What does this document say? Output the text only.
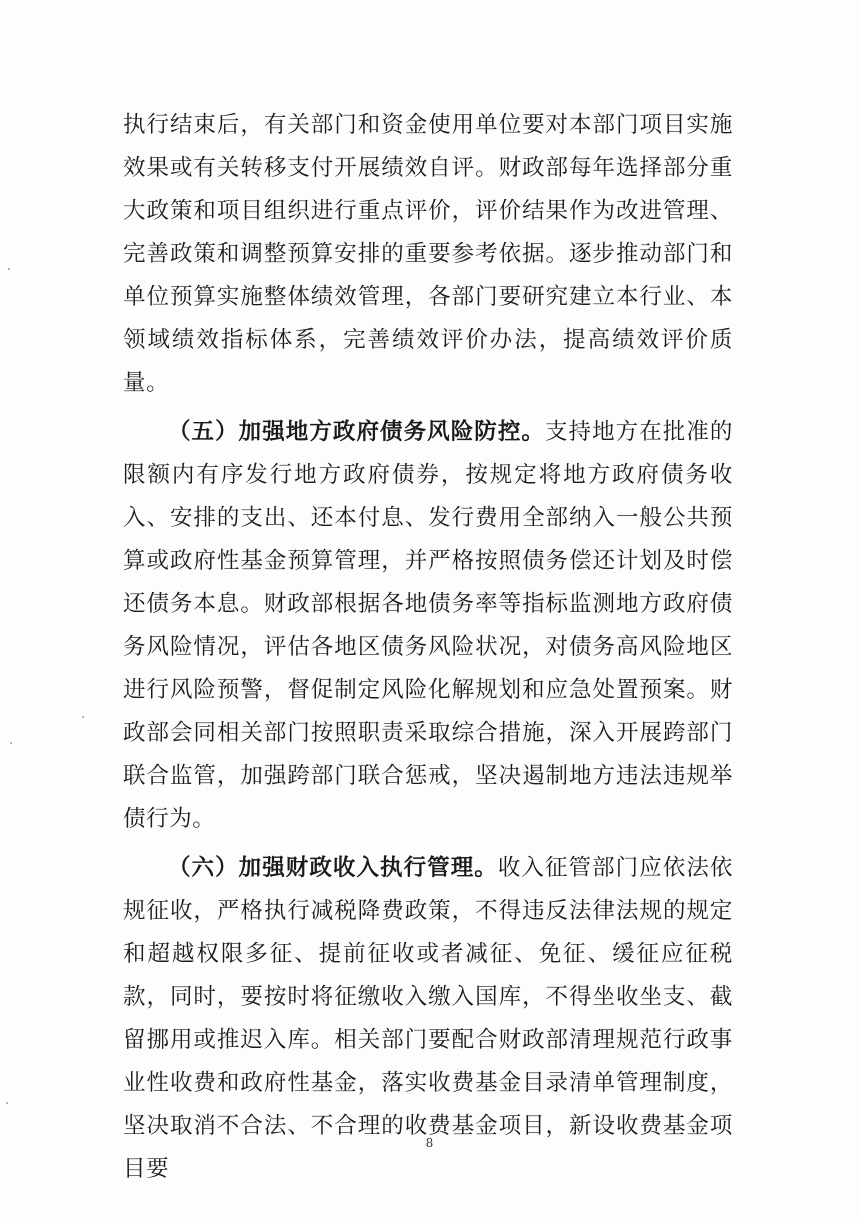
执行结束后，有关部门和资金使用单位要对本部门项目实施效果或有关转移支付开展绩效自评。财政部每年选择部分重大政策和项目组织进行重点评价，评价结果作为改进管理、完善政策和调整预算安排的重要参考依据。逐步推动部门和单位预算实施整体绩效管理，各部门要研究建立本行业、本领域绩效指标体系，完善绩效评价办法，提高绩效评价质量。

（五）加强地方政府债务风险防控。支持地方在批准的限额内有序发行地方政府债券，按规定将地方政府债务收入、安排的支出、还本付息、发行费用全部纳入一般公共预算或政府性基金预算管理，并严格按照债务偿还计划及时偿还债务本息。财政部根据各地债务率等指标监测地方政府债务风险情况，评估各地区债务风险状况，对债务高风险地区进行风险预警，督促制定风险化解规划和应急处置预案。财政部会同相关部门按照职责采取综合措施，深入开展跨部门联合监管，加强跨部门联合惩戒，坚决遏制地方违法违规举债行为。

（六）加强财政收入执行管理。收入征管部门应依法依规征收，严格执行减税降费政策，不得违反法律法规的规定和超越权限多征、提前征收或者减征、免征、缓征应征税款，同时，要按时将征缴收入缴入国库，不得坐收坐支、截留挪用或推迟入库。相关部门要配合财政部清理规范行政事业性收费和政府性基金，落实收费基金目录清单管理制度，坚决取消不合法、不合理的收费基金项目，新设收费基金项目要

8
